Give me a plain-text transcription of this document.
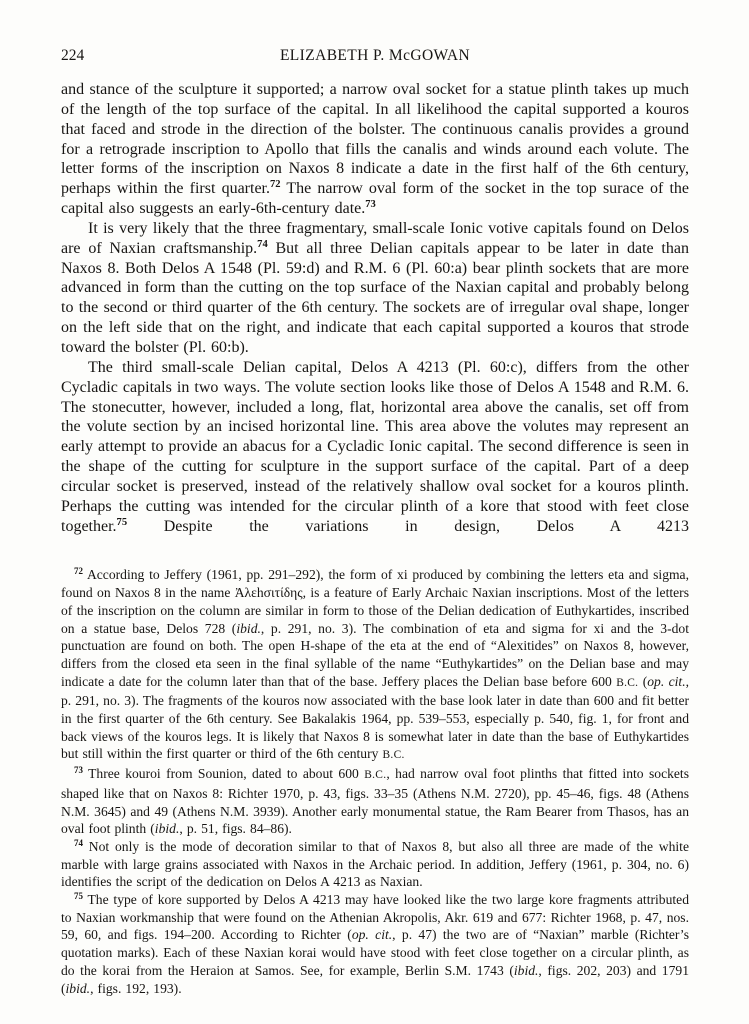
224	ELIZABETH P. McGOWAN

and stance of the sculpture it supported; a narrow oval socket for a statue plinth takes up much of the length of the top surface of the capital. In all likelihood the capital supported a kouros that faced and strode in the direction of the bolster. The continuous canalis provides a ground for a retrograde inscription to Apollo that fills the canalis and winds around each volute. The letter forms of the inscription on Naxos 8 indicate a date in the first half of the 6th century, perhaps within the first quarter.$^{72}$ The narrow oval form of the socket in the top surace of the capital also suggests an early-6th-century date.$^{73}$

It is very likely that the three fragmentary, small-scale Ionic votive capitals found on Delos are of Naxian craftsmanship.$^{74}$ But all three Delian capitals appear to be later in date than Naxos 8. Both Delos A 1548 (Pl. 59:d) and R.M. 6 (Pl. 60:a) bear plinth sockets that are more advanced in form than the cutting on the top surface of the Naxian capital and probably belong to the second or third quarter of the 6th century. The sockets are of irregular oval shape, longer on the left side that on the right, and indicate that each capital supported a kouros that strode toward the bolster (Pl. 60:b).

The third small-scale Delian capital, Delos A 4213 (Pl. 60:c), differs from the other Cycladic capitals in two ways. The volute section looks like those of Delos A 1548 and R.M. 6. The stonecutter, however, included a long, flat, horizontal area above the canalis, set off from the volute section by an incised horizontal line. This area above the volutes may represent an early attempt to provide an abacus for a Cycladic Ionic capital. The second difference is seen in the shape of the cutting for sculpture in the support surface of the capital. Part of a deep circular socket is preserved, instead of the relatively shallow oval socket for a kouros plinth. Perhaps the cutting was intended for the circular plinth of a kore that stood with feet close together.$^{75}$ Despite the variations in design, Delos A 4213

$^{72}$ According to Jeffery (1961, pp. 291–292), the form of xi produced by combining the letters eta and sigma, found on Naxos 8 in the name Ἀλεhσιτίδης, is a feature of Early Archaic Naxian inscriptions. Most of the letters of the inscription on the column are similar in form to those of the Delian dedication of Euthykartides, inscribed on a statue base, Delos 728 (ibid., p. 291, no. 3). The combination of eta and sigma for xi and the 3-dot punctuation are found on both. The open H-shape of the eta at the end of “Alexitides” on Naxos 8, however, differs from the closed eta seen in the final syllable of the name “Euthykartides” on the Delian base and may indicate a date for the column later than that of the base. Jeffery places the Delian base before 600 B.C. (op. cit., p. 291, no. 3). The fragments of the kouros now associated with the base look later in date than 600 and fit better in the first quarter of the 6th century. See Bakalakis 1964, pp. 539–553, especially p. 540, fig. 1, for front and back views of the kouros legs. It is likely that Naxos 8 is somewhat later in date than the base of Euthykartides but still within the first quarter or third of the 6th century B.C.

$^{73}$ Three kouroi from Sounion, dated to about 600 B.C., had narrow oval foot plinths that fitted into sockets shaped like that on Naxos 8: Richter 1970, p. 43, figs. 33–35 (Athens N.M. 2720), pp. 45–46, figs. 48 (Athens N.M. 3645) and 49 (Athens N.M. 3939). Another early monumental statue, the Ram Bearer from Thasos, has an oval foot plinth (ibid., p. 51, figs. 84–86).

$^{74}$ Not only is the mode of decoration similar to that of Naxos 8, but also all three are made of the white marble with large grains associated with Naxos in the Archaic period. In addition, Jeffery (1961, p. 304, no. 6) identifies the script of the dedication on Delos A 4213 as Naxian.

$^{75}$ The type of kore supported by Delos A 4213 may have looked like the two large kore fragments attributed to Naxian workmanship that were found on the Athenian Akropolis, Akr. 619 and 677: Richter 1968, p. 47, nos. 59, 60, and figs. 194–200. According to Richter (op. cit., p. 47) the two are of “Naxian” marble (Richter’s quotation marks). Each of these Naxian korai would have stood with feet close together on a circular plinth, as do the korai from the Heraion at Samos. See, for example, Berlin S.M. 1743 (ibid., figs. 202, 203) and 1791 (ibid., figs. 192, 193).
